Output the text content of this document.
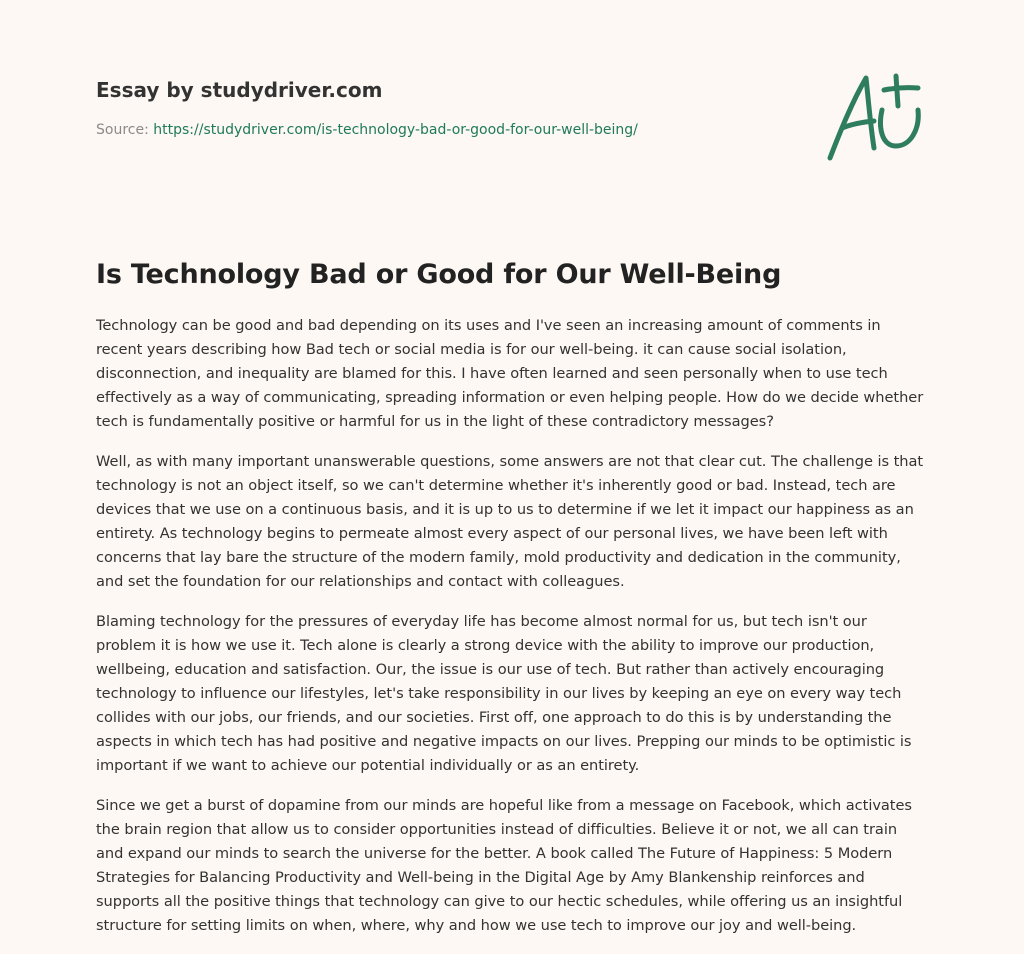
Essay by studydriver.com
Source: https://studydriver.com/is-technology-bad-or-good-for-our-well-being/
Is Technology Bad or Good for Our Well-Being

Technology can be good and bad depending on its uses and I've seen an increasing amount of comments in recent years describing how Bad tech or social media is for our well-being. it can cause social isolation, disconnection, and inequality are blamed for this. I have often learned and seen personally when to use tech effectively as a way of communicating, spreading information or even helping people. How do we decide whether tech is fundamentally positive or harmful for us in the light of these contradictory messages?

Well, as with many important unanswerable questions, some answers are not that clear cut. The challenge is that technology is not an object itself, so we can't determine whether it's inherently good or bad. Instead, tech are devices that we use on a continuous basis, and it is up to us to determine if we let it impact our happiness as an entirety. As technology begins to permeate almost every aspect of our personal lives, we have been left with concerns that lay bare the structure of the modern family, mold productivity and dedication in the community, and set the foundation for our relationships and contact with colleagues.

Blaming technology for the pressures of everyday life has become almost normal for us, but tech isn't our problem it is how we use it. Tech alone is clearly a strong device with the ability to improve our production, wellbeing, education and satisfaction. Our, the issue is our use of tech. But rather than actively encouraging technology to influence our lifestyles, let's take responsibility in our lives by keeping an eye on every way tech collides with our jobs, our friends, and our societies. First off, one approach to do this is by understanding the aspects in which tech has had positive and negative impacts on our lives. Prepping our minds to be optimistic is important if we want to achieve our potential individually or as an entirety.

Since we get a burst of dopamine from our minds are hopeful like from a message on Facebook, which activates the brain region that allow us to consider opportunities instead of difficulties. Believe it or not, we all can train and expand our minds to search the universe for the better. A book called The Future of Happiness: 5 Modern Strategies for Balancing Productivity and Well-being in the Digital Age by Amy Blankenship reinforces and supports all the positive things that technology can give to our hectic schedules, while offering us an insightful structure for setting limits on when, where, why and how we use tech to improve our joy and well-being.
